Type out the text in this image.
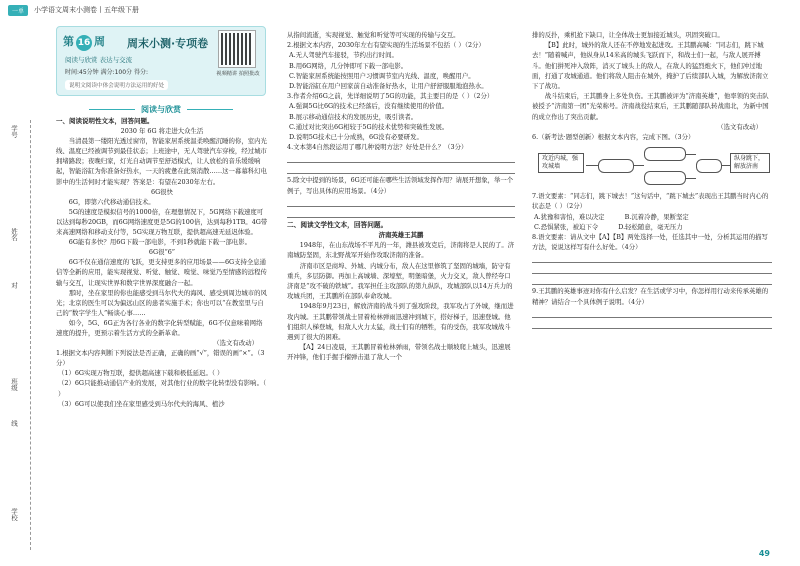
一单	小学语文周末小测卷丨五年级下册
学号
姓名
对
班级
线
学校
第 16 周 周末小测·专项卷
阅读与欣赏 表达与交流
时间:45分钟 满分:100分 得分:
说明文阅读中体会说明方法运用的好处
视频精讲 拍照批改
阅读与欣赏
一、阅读说明性文本，回答问题。
2030 年 6G 将走进大众生活

当清晨第一缕阳光透过窗帘，智能家居系统温柔唤醒沉睡的你，室内光线、温度已经被调节到最佳状态；上班途中，无人驾驶汽车穿梭，经过城市拥堵路段；夜晚归家，灯光自动调节至舒适模式，让人放松的音乐缓缓响起，智能浴缸为你准备好热水，一天的疲惫在此刻消散……这一幕幕科幻电影中的生活何时才能实现？答案是：有望在2030年左右。

6G很快

6G，即第六代移动通信技术。

5G的速度是模拟信号的1000倍，在理想情况下，5G网络下载速度可以达到每秒20GB，而6G网络速度更是5G的100倍，达到每秒1TB。4G带来高速网络和移动支付等，5G实现万物互联，提供超高速无延迟体验。

6G能有多快？用6G下载一部电影，不到1秒就能下载一部电影。

6G很“6”

6G不仅在通信速度的飞跃，更支持更多的应用场景——6G支持全息通信等全新的应用，能实现视觉、听觉、触觉、嗅觉、味觉乃至情感的远程传输与交互，让现实世界和数字世界深度融合一起。

那时，坐在家里的你也能感受到马尔代夫的海风、感受到周边城市的风光；北京的医生可以为偏远山区的患者实施手术；你也可以“在教室里与自己的“数字学生人”畅谈心事……

如今，5G、6G正为各行各业的数字化转型赋能，6G不仅意味着网络速度的提升，更预示着生活方式的全新革命。

（选文有改动）
1.根据文本内容判断下列说法是否正确，正确的画“√”，错误的画“×”。（3分）
（1）6G实现万物互联，提供超高速下载和极低延迟。（ ）
（2）6G只能推动通信产业的发展，对其他行业的数字化转型没有影响。（ ）
（3）6G可以使我们坐在家里感受到马尔代夫的海风、植沙
从指间流逝，实现视觉、触觉和听觉等可实现的传输与交互。
2.根据文本内容，2030年左右有望实现的生活场景不包括（ ）（2分）
A.无人驾驶汽车接驳，节约出行时间。
B.用6G网络，几分钟即可下载一部电影。
C.智能家居系统能按照用户习惯调节室内光线、温度，唤醒用户。
D.智能浴缸在用户回家前自动准备好热水，让用户舒舒服服地泡热水。
3.作者介绍6G之前，先详细说明了5G的功能，其主要目的是（ ）（2分）
A.强调5G比6G的技术已经落后，没有继续使用的价值。
B.展示移动通信技术的发展历史，吸引读者。
C.通过对比突出6G相较于5G的技术优势和突破性发展。
D.说明5G技术已十分成熟，6G没有必要研发。
4.文本第4自然段运用了哪几种说明方法？好处是什么？（3分）
5.除文中提到的场景，6G还可能在哪些生活领域发挥作用？请展开想象，举一个例子，写出具体的应用场景。（4分）
二、阅读文学性文本，回答问题。
济南英雄王其鹏

1948年，在山东战场不平凡的一年，潍县被攻克后，济南将是人民的了。济南城防坚固，东北野战军开始作攻取济南的准备。

济南市区是商埠、外城、内城分布，敌人在这里修筑了坚固的城墙，防守有重兵，多层防御。再加上高城墙、深壕堑，明堡暗堡，火力交叉，敌人曾经夸口济南是“攻不破的铁城”。我军担任主攻部队的第九纵队，攻城部队以14万兵力的攻城兵团，王其鹏所在部队奉命攻城。

1948年9月23日，解放济南的战斗到了强攻阶段，我军攻占了外城，继而进攻内城。王其鹏带领战士冒着枪林弹雨迅速冲到城下，搭好梯子，迅速登城。他们组织人梯登城，但敌人火力太猛，战士们有的牺牲，有的受伤，我军攻城战斗遇到了很大的困难。

【A】24日凌晨，王其鹏冒着枪林弹雨，带领名战士顺坡爬上城头，迅速展开冲锋，他们手握手榴弹击退了敌人一个

排的反扑，乘机抢下缺口，让全体战士更加接近城头，巩固突破口。

【B】此时，城外的敌人还在不停地发起进攻。王其鹏高喊：“同志们，跳下城去！”随着喊声，他纵身从14米高的城头飞跃而下，和战士们一起，与敌人展开搏斗。他们拼死冲入敌阵，消灭了城头上的敌人，在敌人的猛烈炮火下，他们冲过地面，打通了攻城通道。他们将敌人阻击在城外，掩护了后续部队入城，为解放济南立下了战功。

战斗结束后，王其鹏身上多处负伤。王其鹏被评为“济南英雄”，他率领的突击队被授予“济南第一团”光荣称号。济南战役结束后，王其鹏随部队转战南北，为新中国的成立作出了突出贡献。

（选文有改动）
6.（新考法·题型创新）根据文本内容，完成下图。（3分）
攻近内城，强攻城墙
纵身跳下，解放济南
7.语文要素：“同志们，跳下城去！”这句话中，“跳下城去”表现出王其鹏当时内心的状态是（ ）（2分）
A.犹豫和害怕，难以决定	B.沉着冷静，果断坚定
C.恐惧紧张，被迫下令	D.轻松随意，毫无压力
8.语文要素：请从文中【A】【B】两处选择一处，任选其中一处，分析其运用的描写方法，说说这样写有什么好处。（4分）
9.王其鹏的英雄事迹对你有什么启发？在生活或学习中，你怎样用行动来传承英雄的精神？请结合一个具体例子说明。（4分）
49
